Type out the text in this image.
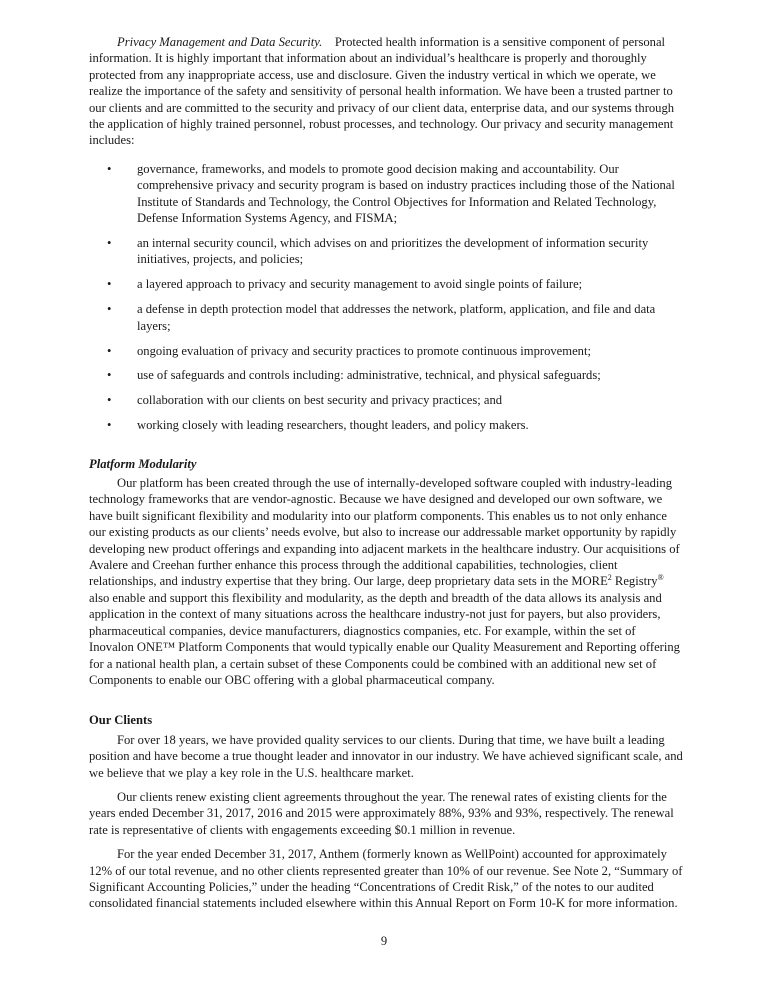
Privacy Management and Data Security. Protected health information is a sensitive component of personal information. It is highly important that information about an individual’s healthcare is properly and thoroughly protected from any inappropriate access, use and disclosure. Given the industry vertical in which we operate, we realize the importance of the safety and sensitivity of personal health information. We have been a trusted partner to our clients and are committed to the security and privacy of our client data, enterprise data, and our systems through the application of highly trained personnel, robust processes, and technology. Our privacy and security management includes:

• governance, frameworks, and models to promote good decision making and accountability. Our comprehensive privacy and security program is based on industry practices including those of the National Institute of Standards and Technology, the Control Objectives for Information and Related Technology, Defense Information Systems Agency, and FISMA;
• an internal security council, which advises on and prioritizes the development of information security initiatives, projects, and policies;
• a layered approach to privacy and security management to avoid single points of failure;
• a defense in depth protection model that addresses the network, platform, application, and file and data layers;
• ongoing evaluation of privacy and security practices to promote continuous improvement;
• use of safeguards and controls including: administrative, technical, and physical safeguards;
• collaboration with our clients on best security and privacy practices; and
• working closely with leading researchers, thought leaders, and policy makers.
Platform Modularity

Our platform has been created through the use of internally-developed software coupled with industry-leading technology frameworks that are vendor-agnostic. Because we have designed and developed our own software, we have built significant flexibility and modularity into our platform components. This enables us to not only enhance our existing products as our clients’ needs evolve, but also to increase our addressable market opportunity by rapidly developing new product offerings and expanding into adjacent markets in the healthcare industry. Our acquisitions of Avalere and Creehan further enhance this process through the additional capabilities, technologies, client relationships, and industry expertise that they bring. Our large, deep proprietary data sets in the MORE$^2$ Registry® also enable and support this flexibility and modularity, as the depth and breadth of the data allows its analysis and application in the context of many situations across the healthcare industry-not just for payers, but also providers, pharmaceutical companies, device manufacturers, diagnostics companies, etc. For example, within the set of Inovalon ONE™ Platform Components that would typically enable our Quality Measurement and Reporting offering for a national health plan, a certain subset of these Components could be combined with an additional new set of Components to enable our OBC offering with a global pharmaceutical company.

Our Clients

For over 18 years, we have provided quality services to our clients. During that time, we have built a leading position and have become a true thought leader and innovator in our industry. We have achieved significant scale, and we believe that we play a key role in the U.S. healthcare market.

Our clients renew existing client agreements throughout the year. The renewal rates of existing clients for the years ended December 31, 2017, 2016 and 2015 were approximately 88%, 93% and 93%, respectively. The renewal rate is representative of clients with engagements exceeding $0.1 million in revenue.

For the year ended December 31, 2017, Anthem (formerly known as WellPoint) accounted for approximately 12% of our total revenue, and no other clients represented greater than 10% of our revenue. See Note 2, “Summary of Significant Accounting Policies,” under the heading “Concentrations of Credit Risk,” of the notes to our audited consolidated financial statements included elsewhere within this Annual Report on Form 10-K for more information.

9
